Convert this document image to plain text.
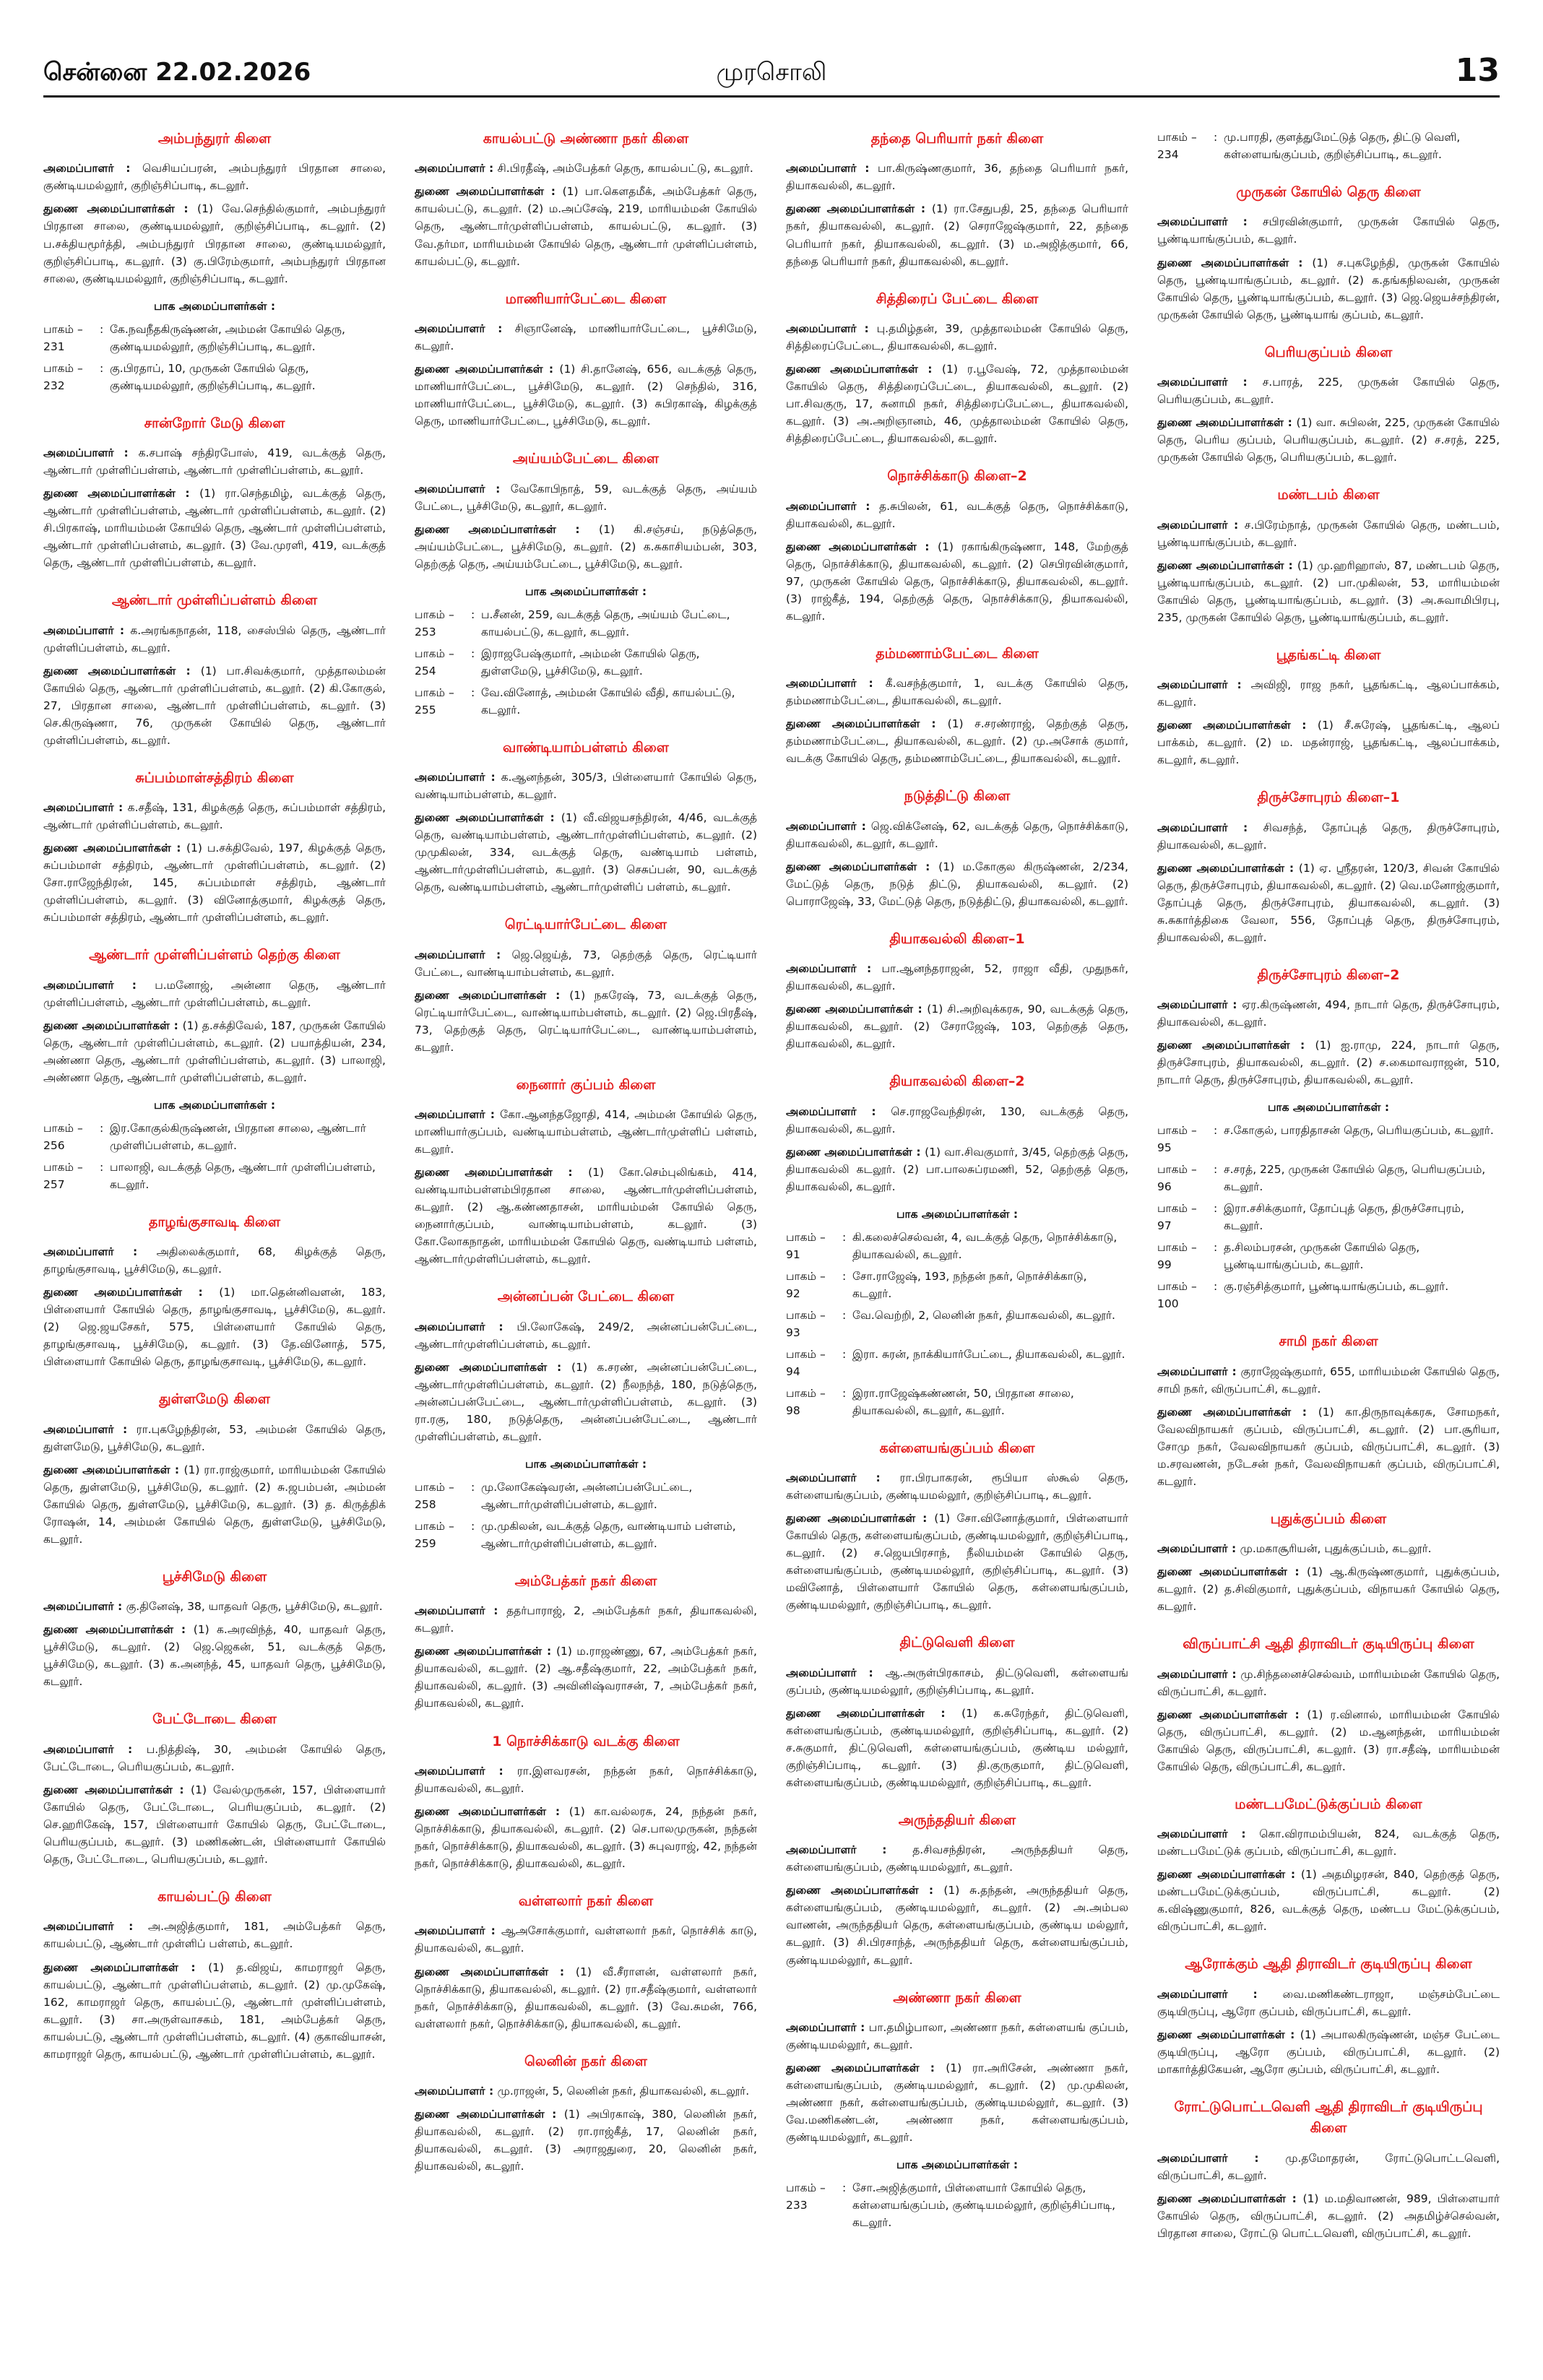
சென்னை 22.02.2026	முரசொலி	13
அம்பந்துரர் கிளை
அமைப்பாளர் : வெசியப்பரன், அம்பந்துரர் பிரதான சாலை, குண்டியமல்லூர், குறிஞ்சிப்பாடி, கடலூர்.
துணை அமைப்பாளர்கள் : (1) வே.செந்தில்குமார், அம்பந்துரர் பிரதான சாலை, குண்டியமல்லூர், குறிஞ்சிப்பாடி, கடலூர். (2) ப.சக்தியமூர்த்தி, அம்பந்துரர் பிரதான சாலை, குண்டியமல்லூர், குறிஞ்சிப்பாடி, கடலூர். (3) கு.பிரேம்குமார், அம்பந்துரர் பிரதான சாலை, குண்டியமல்லூர், குறிஞ்சிப்பாடி, கடலூர்.
பாக அமைப்பாளர்கள் :
பாகம் – 231
: கே.நவநீதகிருஷ்ணன், அம்மன் கோயில் தெரு, குண்டியமல்லூர், குறிஞ்சிப்பாடி, கடலூர்.
பாகம் – 232
: கு.பிரதாப், 10, முருகன் கோயில் தெரு, குண்டியமல்லூர், குறிஞ்சிப்பாடி, கடலூர்.
சான்றோர் மேடு கிளை
அமைப்பாளர் : க.சபாஷ் சந்திரபோஸ், 419, வடக்குத் தெரு, ஆண்டார் முள்ளிப்பள்ளம், ஆண்டார் முள்ளிப்பள்ளம், கடலூர்.
துணை அமைப்பாளர்கள் : (1) ரா.செந்தமிழ், வடக்குத் தெரு, ஆண்டார் முள்ளிப்பள்ளம், ஆண்டார் முள்ளிப்பள்ளம், கடலூர். (2) சி.பிரகாஷ், மாரியம்மன் கோயில் தெரு, ஆண்டார் முள்ளிப்பள்ளம், ஆண்டார் முள்ளிப்பள்ளம், கடலூர். (3) வே.முரளி, 419, வடக்குத் தெரு, ஆண்டார் முள்ளிப்பள்ளம், கடலூர்.
ஆண்டார் முள்ளிப்பள்ளம் கிளை
அமைப்பாளர் : க.அரங்கநாதன், 118, சைஸ்பில் தெரு, ஆண்டார் முள்ளிப்பள்ளம், கடலூர்.
துணை அமைப்பாளர்கள் : (1) பா.சிவக்குமார், முத்தாலம்மன் கோயில் தெரு, ஆண்டார் முள்ளிப்பள்ளம், கடலூர். (2) கி.கோகுல், 27, பிரதான சாலை, ஆண்டார் முள்ளிப்பள்ளம், கடலூர். (3) செ.கிருஷ்ணா, 76, முருகன் கோயில் தெரு, ஆண்டார் முள்ளிப்பள்ளம், கடலூர்.
சுப்பம்மாள்சத்திரம் கிளை
அமைப்பாளர் : க.சதீஷ், 131, கிழக்குத் தெரு, சுப்பம்மாள் சத்திரம், ஆண்டார் முள்ளிப்பள்ளம், கடலூர்.
துணை அமைப்பாளர்கள் : (1) ப.சக்திவேல், 197, கிழக்குத் தெரு, சுப்பம்மாள் சத்திரம், ஆண்டார் முள்ளிப்பள்ளம், கடலூர். (2) சோ.ராஜேந்திரன், 145, சுப்பம்மாள் சத்திரம், ஆண்டார் முள்ளிப்பள்ளம், கடலூர். (3) வினோத்குமார், கிழக்குத் தெரு, சுப்பம்மாள் சத்திரம், ஆண்டார் முள்ளிப்பள்ளம், கடலூர்.
ஆண்டார் முள்ளிப்பள்ளம் தெற்கு கிளை
அமைப்பாளர் : ப.மனோஜ், அன்னா தெரு, ஆண்டார் முள்ளிப்பள்ளம், ஆண்டார் முள்ளிப்பள்ளம், கடலூர்.
துணை அமைப்பாளர்கள் : (1) த.சக்திவேல், 187, முருகன் கோயில் தெரு, ஆண்டார் முள்ளிப்பள்ளம், கடலூர். (2) பயாத்தியன், 234, அண்ணா தெரு, ஆண்டார் முள்ளிப்பள்ளம், கடலூர். (3) பாலாஜி, அண்ணா தெரு, ஆண்டார் முள்ளிப்பள்ளம், கடலூர்.
பாக அமைப்பாளர்கள் :
பாகம் – 256
: இர.கோகுல்கிருஷ்ணன், பிரதான சாலை, ஆண்டார் முள்ளிப்பள்ளம், கடலூர்.
பாகம் – 257
: பாலாஜி, வடக்குத் தெரு, ஆண்டார் முள்ளிப்பள்ளம், கடலூர்.
தாழங்குசாவடி கிளை
அமைப்பாளர் : அதிலைக்குமார், 68, கிழக்குத் தெரு, தாழங்குசாவடி, பூச்சிமேடு, கடலூர்.
துணை அமைப்பாளர்கள் : (1) மா.தென்னிவளன், 183, பிள்ளையார் கோயில் தெரு, தாழங்குசாவடி, பூச்சிமேடு, கடலூர். (2) ஜெ.ஜயசேகர், 575, பிள்ளையார் கோயில் தெரு, தாழங்குசாவடி, பூச்சிமேடு, கடலூர். (3) தே.வினோத், 575, பிள்ளையார் கோயில் தெரு, தாழங்குசாவடி, பூச்சிமேடு, கடலூர்.
துள்ளமேடு கிளை
அமைப்பாளர் : ரா.புகழேந்திரன், 53, அம்மன் கோயில் தெரு, துள்ளமேடு, பூச்சிமேடு, கடலூர்.
துணை அமைப்பாளர்கள் : (1) ரா.ராஜ்குமார், மாரியம்மன் கோயில் தெரு, துள்ளமேடு, பூச்சிமேடு, கடலூர். (2) சு.ஜபம்பன், அம்மன் கோயில் தெரு, துள்ளமேடு, பூச்சிமேடு, கடலூர். (3) த. கிருத்திக் ரோஷன், 14, அம்மன் கோயில் தெரு, துள்ளமேடு, பூச்சிமேடு, கடலூர்.
பூச்சிமேடு கிளை
அமைப்பாளர் : கு.தினேஷ், 38, யாதவர் தெரு, பூச்சிமேடு, கடலூர்.
துணை அமைப்பாளர்கள் : (1) க.அரவிந்த், 40, யாதவர் தெரு, பூச்சிமேடு, கடலூர். (2) ஜெ.ஜெகன், 51, வடக்குத் தெரு, பூச்சிமேடு, கடலூர். (3) க.அனந்த், 45, யாதவர் தெரு, பூச்சிமேடு, கடலூர்.
பேட்டோடை கிளை
அமைப்பாளர் : ப.நித்திஷ், 30, அம்மன் கோயில் தெரு, பேட்டோடை, பெரியகுப்பம், கடலூர்.
துணை அமைப்பாளர்கள் : (1) வேல்முருகன், 157, பிள்ளையார் கோயில் தெரு, பேட்டோடை, பெரியகுப்பம், கடலூர். (2) செ.ஹரிகேஷ், 157, பிள்ளையார் கோயில் தெரு, பேட்டோடை, பெரியகுப்பம், கடலூர். (3) மணிகண்டன், பிள்ளையார் கோயில் தெரு, பேட்டோடை, பெரியகுப்பம், கடலூர்.
காயல்பட்டு கிளை
அமைப்பாளர் : அ.அஜித்குமார், 181, அம்பேத்கர் தெரு, காயல்பட்டு, ஆண்டார் முள்ளிப் பள்ளம், கடலூர்.
துணை அமைப்பாளர்கள் : (1) த.விஜய், காமராஜர் தெரு, காயல்பட்டு, ஆண்டார் முள்ளிப்பள்ளம், கடலூர். (2) மு.முகேஷ், 162, காமராஜர் தெரு, காயல்பட்டு, ஆண்டார் முள்ளிப்பள்ளம், கடலூர். (3) சா.அருள்வாசகம், 181, அம்பேத்கர் தெரு, காயல்பட்டு, ஆண்டார் முள்ளிப்பள்ளம், கடலூர். (4) குகாவியாசன், காமராஜர் தெரு, காயல்பட்டு, ஆண்டார் முள்ளிப்பள்ளம், கடலூர்.
காயல்பட்டு அண்ணா நகர் கிளை
அமைப்பாளர் : சி.பிரதீஷ், அம்பேத்கர் தெரு, காயல்பட்டு, கடலூர்.
துணை அமைப்பாளர்கள் : (1) பா.கௌதமீக், அம்பேத்கர் தெரு, காயல்பட்டு, கடலூர். (2) ம.அப்சேஷ், 219, மாரியம்மன் கோயில் தெரு, ஆண்டார்முள்ளிப்பள்ளம், காயல்பட்டு, கடலூர். (3) வே.தர்மா, மாரியம்மன் கோயில் தெரு, ஆண்டார் முள்ளிப்பள்ளம், காயல்பட்டு, கடலூர்.
மாணியார்பேட்டை கிளை
அமைப்பாளர் : சிஞானேஷ், மாணியார்பேட்டை, பூச்சிமேடு, கடலூர்.
துணை அமைப்பாளர்கள் : (1) சி.தானேஷ், 656, வடக்குத் தெரு, மாணியார்பேட்டை, பூச்சிமேடு, கடலூர். (2) செந்தில், 316, மாணியார்பேட்டை, பூச்சிமேடு, கடலூர். (3) சுபிரகாஷ், கிழக்குத் தெரு, மாணியார்பேட்டை, பூச்சிமேடு, கடலூர்.
அய்யம்பேட்டை கிளை
அமைப்பாளர் : வேகோபிநாத், 59, வடக்குத் தெரு, அய்யம் பேட்டை, பூச்சிமேடு, கடலூர், கடலூர்.
துணை அமைப்பாளர்கள் : (1) கி.சஞ்சய், நடுத்தெரு, அய்யம்பேட்டை, பூச்சிமேடு, கடலூர். (2) க.சுகாசியம்பன், 303, தெற்குத் தெரு, அய்யம்பேட்டை, பூச்சிமேடு, கடலூர்.
பாக அமைப்பாளர்கள் :
பாகம் – 253
: ப.சீனன், 259, வடக்குத் தெரு, அய்யம் பேட்டை, காயல்பட்டு, கடலூர், கடலூர்.
பாகம் – 254
: இராஜபேஷ்குமார், அம்மன் கோயில் தெரு, துள்ளமேடு, பூச்சிமேடு, கடலூர்.
பாகம் – 255
: வே.வினோத், அம்மன் கோயில் வீதி, காயல்பட்டு, கடலூர்.
வாண்டியாம்பள்ளம் கிளை
அமைப்பாளர் : க.ஆனந்தன், 305/3, பிள்ளையார் கோயில் தெரு, வண்டியாம்பள்ளம், கடலூர்.
துணை அமைப்பாளர்கள் : (1) வீ.விஜயசந்திரன், 4/46, வடக்குத் தெரு, வண்டியாம்பள்ளம், ஆண்டார்முள்ளிப்பள்ளம், கடலூர். (2) முமுகிலன், 334, வடக்குத் தெரு, வண்டியாம் பள்ளம், ஆண்டார்முள்ளிப்பள்ளம், கடலூர். (3) செசுப்பன், 90, வடக்குத் தெரு, வண்டியாம்பள்ளம், ஆண்டார்முள்ளிப் பள்ளம், கடலூர்.
ரெட்டியார்பேட்டை கிளை
அமைப்பாளர் : ஜெ.ஜெய்த், 73, தெற்குத் தெரு, ரெட்டியார் பேட்டை, வாண்டியாம்பள்ளம், கடலூர்.
துணை அமைப்பாளர்கள் : (1) நகரேஷ், 73, வடக்குத் தெரு, ரெட்டியார்பேட்டை, வாண்டியாம்பள்ளம், கடலூர். (2) ஜெ.பிரதீஷ், 73, தெற்குத் தெரு, ரெட்டியார்பேட்டை, வாண்டியாம்பள்ளம், கடலூர்.
நைனார் குப்பம் கிளை
அமைப்பாளர் : கோ.ஆனந்தஜோதி, 414, அம்மன் கோயில் தெரு, மாணியார்குப்பம், வண்டியாம்பள்ளம், ஆண்டார்முள்ளிப் பள்ளம், கடலூர்.
துணை அமைப்பாளர்கள் : (1) கோ.செம்புலிங்கம், 414, வண்டியாம்பள்ளம்பிரதான சாலை, ஆண்டார்முள்ளிப்பள்ளம், கடலூர். (2) ஆ.கண்ணதாசன், மாரியம்மன் கோயில் தெரு, நைனார்குப்பம், வாண்டியாம்பள்ளம், கடலூர். (3) கோ.லோகநாதன், மாரியம்மன் கோயில் தெரு, வண்டியாம் பள்ளம், ஆண்டார்முள்ளிப்பள்ளம், கடலூர்.
அன்னப்பன் பேட்டை கிளை
அமைப்பாளர் : பி.லோகேஷ், 249/2, அன்னப்பன்பேட்டை, ஆண்டார்முள்ளிப்பள்ளம், கடலூர்.
துணை அமைப்பாளர்கள் : (1) க.சரண், அன்னப்பன்பேட்டை, ஆண்டார்முள்ளிப்பள்ளம், கடலூர். (2) நீலநந்த், 180, நடுத்தெரு, அன்னப்பன்பேட்டை, ஆண்டார்முள்ளிப்பள்ளம், கடலூர். (3) ரா.ரகு, 180, நடுத்தெரு, அன்னப்பன்பேட்டை, ஆண்டார் முள்ளிப்பள்ளம், கடலூர்.
பாக அமைப்பாளர்கள் :
பாகம் – 258
: மு.லோகேஷ்வரன், அன்னப்பன்பேட்டை, ஆண்டார்முள்ளிப்பள்ளம், கடலூர்.
பாகம் – 259
: மு.முகிலன், வடக்குத் தெரு, வாண்டியாம் பள்ளம், ஆண்டார்முள்ளிப்பள்ளம், கடலூர்.
அம்பேத்கர் நகர் கிளை
அமைப்பாளர் : ததர்பாராஜ், 2, அம்பேத்கர் நகர், தியாகவல்லி, கடலூர்.
துணை அமைப்பாளர்கள் : (1) ம.ராஜண்ணு, 67, அம்பேத்கர் நகர், தியாகவல்லி, கடலூர். (2) ஆ.சதீஷ்குமார், 22, அம்பேத்கர் நகர், தியாகவல்லி, கடலூர். (3) அவினிஷ்வராசன், 7, அம்பேத்கர் நகர், தியாகவல்லி, கடலூர்.
1 நொச்சிக்காடு வடக்கு கிளை
அமைப்பாளர் : ரா.இளவரசன், நந்தன் நகர், நொச்சிக்காடு, தியாகவல்லி, கடலூர்.
துணை அமைப்பாளர்கள் : (1) கா.வல்லரசு, 24, நந்தன் நகர், நொச்சிக்காடு, தியாகவல்லி, கடலூர். (2) செ.பாலமுருகன், நந்தன் நகர், நொச்சிக்காடு, தியாகவல்லி, கடலூர். (3) சுபுவராஜ், 42, நந்தன் நகர், நொச்சிக்காடு, தியாகவல்லி, கடலூர்.
வள்ளலார் நகர் கிளை
அமைப்பாளர் : ஆஅசோக்குமார், வள்ளலார் நகர், நொச்சிக் காடு, தியாகவல்லி, கடலூர்.
துணை அமைப்பாளர்கள் : (1) வீ.சீராளன், வள்ளலார் நகர், நொச்சிக்காடு, தியாகவல்லி, கடலூர். (2) ரா.சதீஷ்குமார், வள்ளலார் நகர், நொச்சிக்காடு, தியாகவல்லி, கடலூர். (3) வே.சுமன், 766, வள்ளலார் நகர், நொச்சிக்காடு, தியாகவல்லி, கடலூர்.
லெனின் நகர் கிளை
அமைப்பாளர் : மு.ராஜன், 5, லெனின் நகர், தியாகவல்லி, கடலூர்.
துணை அமைப்பாளர்கள் : (1) அபிரகாஷ், 380, லெனின் நகர், தியாகவல்லி, கடலூர். (2) ரா.ராஜ்கீத், 17, லெனின் நகர், தியாகவல்லி, கடலூர். (3) அராஜதுரை, 20, லெனின் நகர், தியாகவல்லி, கடலூர்.
தந்தை பெரியார் நகர் கிளை
அமைப்பாளர் : பா.கிருஷ்ணகுமார், 36, தந்தை பெரியார் நகர், தியாகவல்லி, கடலூர்.
துணை அமைப்பாளர்கள் : (1) ரா.சேதுபதி, 25, தந்தை பெரியார் நகர், தியாகவல்லி, கடலூர். (2) செராஜேஷ்குமார், 22, தந்தை பெரியார் நகர், தியாகவல்லி, கடலூர். (3) ம.அஜித்குமார், 66, தந்தை பெரியார் நகர், தியாகவல்லி, கடலூர்.
சித்திரைப் பேட்டை கிளை
அமைப்பாளர் : பு.தமிழ்தன், 39, முத்தாலம்மன் கோயில் தெரு, சித்திரைப்பேட்டை, தியாகவல்லி, கடலூர்.
துணை அமைப்பாளர்கள் : (1) ர.பூவேஷ், 72, முத்தாலம்மன் கோயில் தெரு, சித்திரைப்பேட்டை, தியாகவல்லி, கடலூர். (2) பா.சிவகுரு, 17, சுனாமி நகர், சித்திரைப்பேட்டை, தியாகவல்லி, கடலூர். (3) அ.அறிஞானம், 46, முத்தாலம்மன் கோயில் தெரு, சித்திரைப்பேட்டை, தியாகவல்லி, கடலூர்.
நொச்சிக்காடு கிளை–2
அமைப்பாளர் : த.சுபிலன், 61, வடக்குத் தெரு, நொச்சிக்காடு, தியாகவல்லி, கடலூர்.
துணை அமைப்பாளர்கள் : (1) ரகாங்கிருஷ்ணா, 148, மேற்குத் தெரு, நொச்சிக்காடு, தியாகவல்லி, கடலூர். (2) செபிரவின்குமார், 97, முருகன் கோயில் தெரு, நொச்சிக்காடு, தியாகவல்லி, கடலூர். (3) ராஜ்கீத், 194, தெற்குத் தெரு, நொச்சிக்காடு, தியாகவல்லி, கடலூர்.
தம்மணாம்பேட்டை கிளை
அமைப்பாளர் : கீ.வசந்த்குமார், 1, வடக்கு கோயில் தெரு, தம்மணாம்பேட்டை, தியாகவல்லி, கடலூர்.
துணை அமைப்பாளர்கள் : (1) ச.சரண்ராஜ், தெற்குத் தெரு, தம்மணாம்பேட்டை, தியாகவல்லி, கடலூர். (2) மு.அசோக் குமார், வடக்கு கோயில் தெரு, தம்மணாம்பேட்டை, தியாகவல்லி, கடலூர்.
நடுத்திட்டு கிளை
அமைப்பாளர் : ஜெ.விக்னேஷ், 62, வடக்குத் தெரு, நொச்சிக்காடு, தியாகவல்லி, கடலூர், கடலூர்.
துணை அமைப்பாளர்கள் : (1) ம.கோகுல கிருஷ்ணன், 2/234, மேட்டுத் தெரு, நடுத் திட்டு, தியாகவல்லி, கடலூர். (2) பொராஜேஷ், 33, மேட்டுத் தெரு, நடுத்திட்டு, தியாகவல்லி, கடலூர்.
தியாகவல்லி கிளை–1
அமைப்பாளர் : பா.ஆனந்தராஜன், 52, ராஜா வீதி, முதுநகர், தியாகவல்லி, கடலூர்.
துணை அமைப்பாளர்கள் : (1) சி.அறிவுக்கரசு, 90, வடக்குத் தெரு, தியாகவல்லி, கடலூர். (2) சேராஜேஷ், 103, தெற்குத் தெரு, தியாகவல்லி, கடலூர்.
தியாகவல்லி கிளை–2
அமைப்பாளர் : செ.ராஜவேந்திரன், 130, வடக்குத் தெரு, தியாகவல்லி, கடலூர்.
துணை அமைப்பாளர்கள் : (1) வா.சிவகுமார், 3/45, தெற்குத் தெரு, தியாகவல்லி கடலூர். (2) பா.பாலசுப்ரமணி, 52, தெற்குத் தெரு, தியாகவல்லி, கடலூர்.
பாக அமைப்பாளர்கள் :
பாகம் – 91
: கி.கலைச்செல்வன், 4, வடக்குத் தெரு, நொச்சிக்காடு, தியாகவல்லி, கடலூர்.
பாகம் – 92
: சோ.ராஜேஷ், 193, நந்தன் நகர், நொச்சிக்காடு, கடலூர்.
பாகம் – 93
: வே.வெற்றி, 2, லெனின் நகர், தியாகவல்லி, கடலூர்.
பாகம் – 94
: இரா. சுரன், நாக்கியார்பேட்டை, தியாகவல்லி, கடலூர்.
பாகம் – 98
: இரா.ராஜேஷ்கண்ணன், 50, பிரதான சாலை, தியாகவல்லி, கடலூர், கடலூர்.
கள்ளையங்குப்பம் கிளை
அமைப்பாளர் : ரா.பிரபாகரன், ரூபியா ஸ்கூல் தெரு, கள்ளையங்குப்பம், குண்டியமல்லூர், குறிஞ்சிப்பாடி, கடலூர்.
துணை அமைப்பாளர்கள் : (1) சோ.வினோத்குமார், பிள்ளையார் கோயில் தெரு, கள்ளையங்குப்பம், குண்டியமல்லூர், குறிஞ்சிப்பாடி, கடலூர். (2) ச.ஜெயபிரசாந், நீலியம்மன் கோயில் தெரு, கள்ளையங்குப்பம், குண்டியமல்லூர், குறிஞ்சிப்பாடி, கடலூர். (3) மவினோத், பிள்ளையார் கோயில் தெரு, கள்ளையங்குப்பம், குண்டியமல்லூர், குறிஞ்சிப்பாடி, கடலூர்.
திட்டுவெளி கிளை
அமைப்பாளர் : ஆ.அருள்பிரகாசம், திட்டுவெளி, கள்ளையங் குப்பம், குண்டியமல்லூர், குறிஞ்சிப்பாடி, கடலூர்.
துணை அமைப்பாளர்கள் : (1) க.சுரேந்தர், திட்டுவெளி, கள்ளையங்குப்பம், குண்டியமல்லூர், குறிஞ்சிப்பாடி, கடலூர். (2) ச.சுகுமார், திட்டுவெளி, கள்ளையங்குப்பம், குண்டிய மல்லூர், குறிஞ்சிப்பாடி, கடலூர். (3) தி.குருகுமார், திட்டுவெளி, கள்ளையங்குப்பம், குண்டியமல்லூர், குறிஞ்சிப்பாடி, கடலூர்.
அருந்ததியர் கிளை
அமைப்பாளர் : த.சிவசந்திரன், அருந்ததியர் தெரு, கள்ளையங்குப்பம், குண்டியமல்லூர், கடலூர்.
துணை அமைப்பாளர்கள் : (1) சு.தந்தன், அருந்ததியர் தெரு, கள்ளையங்குப்பம், குண்டியமல்லூர், கடலூர். (2) அ.அம்பல வாணன், அருந்ததியர் தெரு, கள்ளையங்குப்பம், குண்டிய மல்லூர், கடலூர். (3) சி.பிரசாந்த், அருந்ததியர் தெரு, கள்ளையங்குப்பம், குண்டியமல்லூர், கடலூர்.
அண்ணா நகர் கிளை
அமைப்பாளர் : பா.தமிழ்பாலா, அண்ணா நகர், கள்ளையங் குப்பம், குண்டியமல்லூர், கடலூர்.
துணை அமைப்பாளர்கள் : (1) ரா.அரிசேன், அண்ணா நகர், கள்ளையங்குப்பம், குண்டியமல்லூர், கடலூர். (2) மு.முகிலன், அண்ணா நகர், கள்ளையங்குப்பம், குண்டியமல்லூர், கடலூர். (3) வே.மணிகண்டன், அண்ணா நகர், கள்ளையங்குப்பம், குண்டியமல்லூர், கடலூர்.
பாக அமைப்பாளர்கள் :
பாகம் – 233
: சோ.அஜித்குமார், பிள்ளையார் கோயில் தெரு, கள்ளையங்குப்பம், குண்டியமல்லூர், குறிஞ்சிப்பாடி, கடலூர்.
பாகம் – 234
: மு.பாரதி, குளத்துமேட்டுத் தெரு, திட்டு வெளி, கள்ளையங்குப்பம், குறிஞ்சிப்பாடி, கடலூர்.
முருகன் கோயில் தெரு கிளை
அமைப்பாளர் : சபிரவின்குமார், முருகன் கோயில் தெரு, பூண்டியாங்குப்பம், கடலூர்.
துணை அமைப்பாளர்கள் : (1) ச.புகழேந்தி, முருகன் கோயில் தெரு, பூண்டியாங்குப்பம், கடலூர். (2) க.தங்கநிலவன், முருகன் கோயில் தெரு, பூண்டியாங்குப்பம், கடலூர். (3) ஜெ.ஜெயச்சந்திரன், முருகன் கோயில் தெரு, பூண்டியாங் குப்பம், கடலூர்.
பெரியகுப்பம் கிளை
அமைப்பாளர் : ச.பாரத், 225, முருகன் கோயில் தெரு, பெரியகுப்பம், கடலூர்.
துணை அமைப்பாளர்கள் : (1) வா. சுபிலன், 225, முருகன் கோயில் தெரு, பெரிய குப்பம், பெரியகுப்பம், கடலூர். (2) ச.சரத், 225, முருகன் கோயில் தெரு, பெரியகுப்பம், கடலூர்.
மண்டபம் கிளை
அமைப்பாளர் : ச.பிரேம்நாத், முருகன் கோயில் தெரு, மண்டபம், பூண்டியாங்குப்பம், கடலூர்.
துணை அமைப்பாளர்கள் : (1) மு.ஹரிஹாஸ், 87, மண்டபம் தெரு, பூண்டியாங்குப்பம், கடலூர். (2) பா.முகிலன், 53, மாரியம்மன் கோயில் தெரு, பூண்டியாங்குப்பம், கடலூர். (3) அ.சுவாமிபிரபு, 235, முருகன் கோயில் தெரு, பூண்டியாங்குப்பம், கடலூர்.
பூதங்கட்டி கிளை
அமைப்பாளர் : அவிஜி, ராஜ நகர், பூதங்கட்டி, ஆலப்பாக்கம், கடலூர்.
துணை அமைப்பாளர்கள் : (1) சீ.சுரேஷ், பூதங்கட்டி, ஆலப் பாக்கம், கடலூர். (2) ம. மதன்ராஜ், பூதங்கட்டி, ஆலப்பாக்கம், கடலூர், கடலூர்.
திருச்சோபுரம் கிளை–1
அமைப்பாளர் : சிவசந்த், தோப்புத் தெரு, திருச்சோபுரம், தியாகவல்லி, கடலூர்.
துணை அமைப்பாளர்கள் : (1) ஏ. ஸ்ரீதரன், 120/3, சிவன் கோயில் தெரு, திருச்சோபுரம், தியாகவல்லி, கடலூர். (2) வெ.மனோஜ்குமார், தோப்புத் தெரு, திருச்சோபுரம், தியாகவல்லி, கடலூர். (3) சு.சுகார்த்திகை வேலா, 556, தோப்புத் தெரு, திருச்சோபுரம், தியாகவல்லி, கடலூர்.
திருச்சோபுரம் கிளை–2
அமைப்பாளர் : ஏர.கிருஷ்ணன், 494, நாடார் தெரு, திருச்சோபுரம், தியாகவல்லி, கடலூர்.
துணை அமைப்பாளர்கள் : (1) ஐ.ராமு, 224, நாடார் தெரு, திருச்சோபுரம், தியாகவல்லி, கடலூர். (2) ச.கைமாவராஜன், 510, நாடார் தெரு, திருச்சோபுரம், தியாகவல்லி, கடலூர்.
பாக அமைப்பாளர்கள் :
பாகம் – 95
: ச.கோகுல், பாரதிதாசன் தெரு, பெரியகுப்பம், கடலூர்.
பாகம் – 96
: ச.சரத், 225, முருகன் கோயில் தெரு, பெரியகுப்பம், கடலூர்.
பாகம் – 97
: இரா.சசிக்குமார், தோப்புத் தெரு, திருச்சோபுரம், கடலூர்.
பாகம் – 99
: த.சிலம்பரசன், முருகன் கோயில் தெரு, பூண்டியாங்குப்பம், கடலூர்.
பாகம் – 100
: கு.ரஞ்சித்குமார், பூண்டியாங்குப்பம், கடலூர்.
சாமி நகர் கிளை
அமைப்பாளர் : குராஜேஷ்குமார், 655, மாரியம்மன் கோயில் தெரு, சாமி நகர், விருப்பாட்சி, கடலூர்.
துணை அமைப்பாளர்கள் : (1) கா.திருநாவுக்கரசு, சோமநகர், வேலவிநாயகர் குப்பம், விருப்பாட்சி, கடலூர். (2) பா.சூரியா, சோமு நகர், வேலவிநாயகர் குப்பம், விருப்பாட்சி, கடலூர். (3) ம.சரவணன், நடேசன் நகர், வேலவிநாயகர் குப்பம், விருப்பாட்சி, கடலூர்.
புதுக்குப்பம் கிளை
அமைப்பாளர் : மு.மகாசூரியன், புதுக்குப்பம், கடலூர்.
துணை அமைப்பாளர்கள் : (1) ஆ.கிருஷ்ணகுமார், புதுக்குப்பம், கடலூர். (2) த.சிவிகுமார், புதுக்குப்பம், விநாயகர் கோயில் தெரு, கடலூர்.
விருப்பாட்சி ஆதி திராவிடர் குடியிருப்பு கிளை
அமைப்பாளர் : மு.சிந்தனைச்செல்வம், மாரியம்மன் கோயில் தெரு, விருப்பாட்சி, கடலூர்.
துணை அமைப்பாளர்கள் : (1) ர.வினால், மாரியம்மன் கோயில் தெரு, விருப்பாட்சி, கடலூர். (2) ம.ஆனந்தன், மாரியம்மன் கோயில் தெரு, விருப்பாட்சி, கடலூர். (3) ரா.சதீஷ், மாரியம்மன் கோயில் தெரு, விருப்பாட்சி, கடலூர்.
மண்டபமேட்டுக்குப்பம் கிளை
அமைப்பாளர் : கொ.விராமம்பியன், 824, வடக்குத் தெரு, மண்டபமேட்டுக் குப்பம், விருப்பாட்சி, கடலூர்.
துணை அமைப்பாளர்கள் : (1) அதமிழரசன், 840, தெற்குத் தெரு, மண்டபமேட்டுக்குப்பம், விருப்பாட்சி, கடலூர். (2) க.விஷ்ணுகுமார், 826, வடக்குத் தெரு, மண்டப மேட்டுக்குப்பம், விருப்பாட்சி, கடலூர்.
ஆரோக்கும் ஆதி திராவிடர் குடியிருப்பு கிளை
அமைப்பாளர் : வை.மணிகண்டராஜா, மஞ்சம்பேட்டை குடியிருப்பு, ஆரோ குப்பம், விருப்பாட்சி, கடலூர்.
துணை அமைப்பாளர்கள் : (1) அபாலகிருஷ்ணன், மஞ்ச பேட்டை குடியிருப்பு, ஆரோ குப்பம், விருப்பாட்சி, கடலூர். (2) மாகார்த்திகேயன், ஆரோ குப்பம், விருப்பாட்சி, கடலூர்.
ரோட்டுபொட்டவெளி ஆதி திராவிடர் குடியிருப்பு கிளை
அமைப்பாளர் : மு.தமோதரன், ரோட்டுபொட்டவெளி, விருப்பாட்சி, கடலூர்.
துணை அமைப்பாளர்கள் : (1) ம.மதிவாணன், 989, பிள்ளையார் கோயில் தெரு, விருப்பாட்சி, கடலூர். (2) அதமிழ்ச்செல்வன், பிரதான சாலை, ரோட்டு பொட்டவெளி, விருப்பாட்சி, கடலூர்.
